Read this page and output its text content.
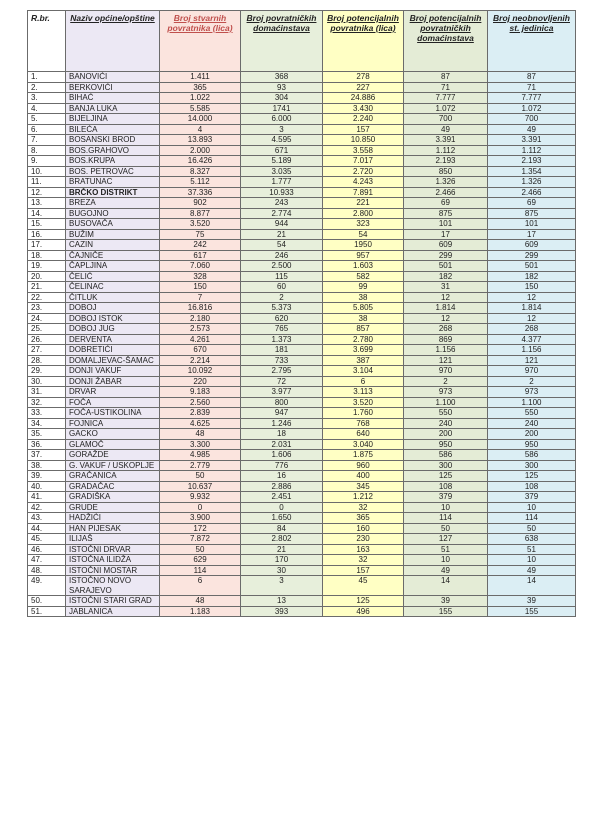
R.br.	Naziv općine/opštine	Broj stvarnih povratnika (lica)	Broj povratničkih domaćinstava	Broj potencijalnih povratnika (lica)	Broj potencijalnih povratničkih domaćinstava	Broj neobnovljenih st. jedinica
1.	BANOVIĆI	1.411	368	278	87	87
2.	BERKOVIĆI	365	93	227	71	71
3.	BIHAĆ	1.022	304	24.886	7.777	7.777
4.	BANJA LUKA	5.585	1741	3.430	1.072	1.072
5.	BIJELJINA	14.000	6.000	2.240	700	700
6.	BILEĆA	4	3	157	49	49
7.	BOSANSKI BROD	13.893	4.595	10.850	3.391	3.391
8.	BOS.GRAHOVO	2.000	671	3.558	1.112	1.112
9.	BOS.KRUPA	16.426	5.189	7.017	2.193	2.193
10.	BOS. PETROVAC	8.327	3.035	2.720	850	1.354
11.	BRATUNAC	5.112	1.777	4.243	1.326	1.326
12.	BRČKO DISTRIKT	37.336	10.933	7.891	2.466	2.466
13.	BREZA	902	243	221	69	69
14.	BUGOJNO	8.877	2.774	2.800	875	875
15.	BUSOVAČA	3.520	944	323	101	101
16.	BUŽIM	75	21	54	17	17
17.	CAZIN	242	54	1950	609	609
18.	ČAJNIČE	617	246	957	299	299
19.	ČAPLJINA	7.060	2.500	1.603	501	501
20.	ČELIĆ	328	115	582	182	182
21.	ČELINAC	150	60	99	31	150
22.	ČITLUK	7	2	38	12	12
23.	DOBOJ	16.816	5.373	5.805	1.814	1.814
24.	DOBOJ ISTOK	2.180	620	38	12	12
25.	DOBOJ JUG	2.573	765	857	268	268
26.	DERVENTA	4.261	1.373	2.780	869	4.377
27.	DOBRETIĆI	670	181	3.699	1.156	1.156
28.	DOMALJEVAC-ŠAMAC	2.214	733	387	121	121
29.	DONJI VAKUF	10.092	2.795	3.104	970	970
30.	DONJI ŽABAR	220	72	6	2	2
31.	DRVAR	9.183	3.977	3.113	973	973
32.	FOČA	2.560	800	3.520	1.100	1.100
33.	FOČA-USTIKOLINA	2.839	947	1.760	550	550
34.	FOJNICA	4.625	1.246	768	240	240
35.	GACKO	48	18	640	200	200
36.	GLAMOČ	3.300	2.031	3.040	950	950
37.	GORAŽDE	4.985	1.606	1.875	586	586
38.	G. VAKUF / USKOPLJE	2.779	776	960	300	300
39.	GRAČANICA	50	16	400	125	125
40.	GRADAČAC	10.637	2.886	345	108	108
41.	GRADIŠKA	9.932	2.451	1.212	379	379
42.	GRUDE	0	0	32	10	10
43.	HADŽIĆI	3.900	1.650	365	114	114
44.	HAN PIJESAK	172	84	160	50	50
45.	ILIJAŠ	7.872	2.802	230	127	638
46.	ISTOČNI DRVAR	50	21	163	51	51
47.	ISTOČNA ILIDŽA	629	170	32	10	10
48.	ISTOČNI MOSTAR	114	30	157	49	49
49.	ISTOČNO NOVO SARAJEVO	6	3	45	14	14
50.	ISTOČNI STARI GRAD	48	13	125	39	39
51.	JABLANICA	1.183	393	496	155	155
